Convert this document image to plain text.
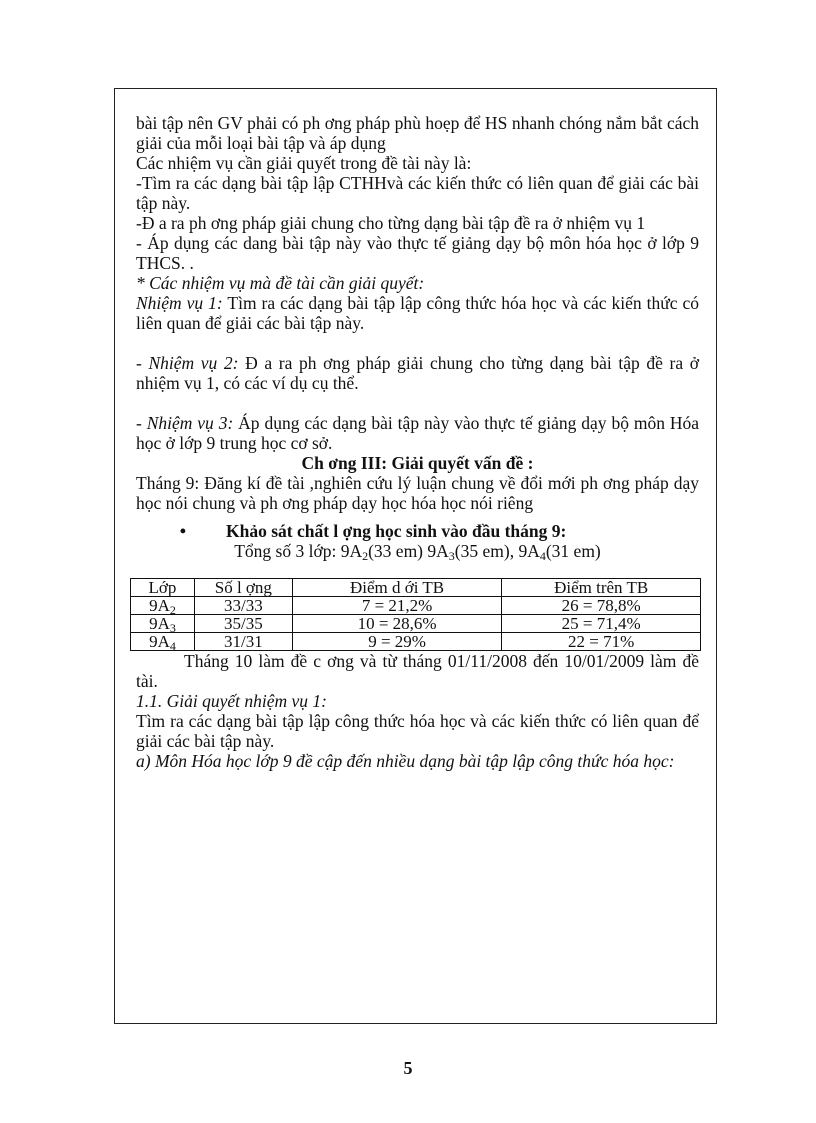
bài tập nên GV phải có ph ơng pháp phù hoẹp để HS nhanh chóng nắm bắt cách giải của mỗi loại bài tập và áp dụng

Các nhiệm vụ cần giải quyết trong đề tài này là:

-Tìm ra các dạng bài tập lập CTHHvà các kiến thức có liên quan để giải các bài tập này.

-Đ a ra ph ơng pháp giải chung cho từng dạng bài tập đề ra ở nhiệm vụ 1

- Áp dụng các dang bài tập này vào thực tế giảng dạy bộ môn hóa học ở lớp 9 THCS. .

* Các nhiệm vụ mà đề tài cần giải quyết:

Nhiệm vụ 1: Tìm ra các dạng bài tập lập công thức hóa học và các kiến thức có liên quan để giải các bài tập này.

- Nhiệm vụ 2: Đ a ra ph ơng pháp giải chung cho từng dạng bài tập đề ra ở nhiệm vụ 1, có các ví dụ cụ thể.

- Nhiệm vụ 3: Áp dụng các dạng bài tập này vào thực tế giảng dạy bộ môn Hóa học ở lớp 9 trung học cơ sở.

Ch ơng III: Giải quyết vấn đề :

Tháng 9: Đăng kí đề tài ,nghiên cứu lý luận chung về đổi mới ph ơng pháp dạy học nói chung và ph ơng pháp dạy học hóa học nói riêng

•	Khảo sát chất l ợng học sinh vào đầu tháng 9:

Tổng số 3 lớp: $9A_2(33$ em) $9A_3(35$ em), $9A_4(31$ em)

Lớp	Số l ợng	Điểm d ới TB	Điểm trên TB
$9A_2$	33/33	7 = 21,2%	26 = 78,8%
$9A_3$	35/35	10 = 28,6%	25 = 71,4%
$9A_4$	31/31	9 = 29%	22 = 71%

Tháng 10 làm đề c ơng và từ tháng 01/11/2008 đến 10/01/2009 làm đề tài.

1.1. Giải quyết nhiệm vụ 1:

Tìm ra các dạng bài tập lập công thức hóa học và các kiến thức có liên quan để giải các bài tập này.

a) Môn Hóa học lớp 9 đề cập đến nhiều dạng bài tập lập công thức hóa học:

5
